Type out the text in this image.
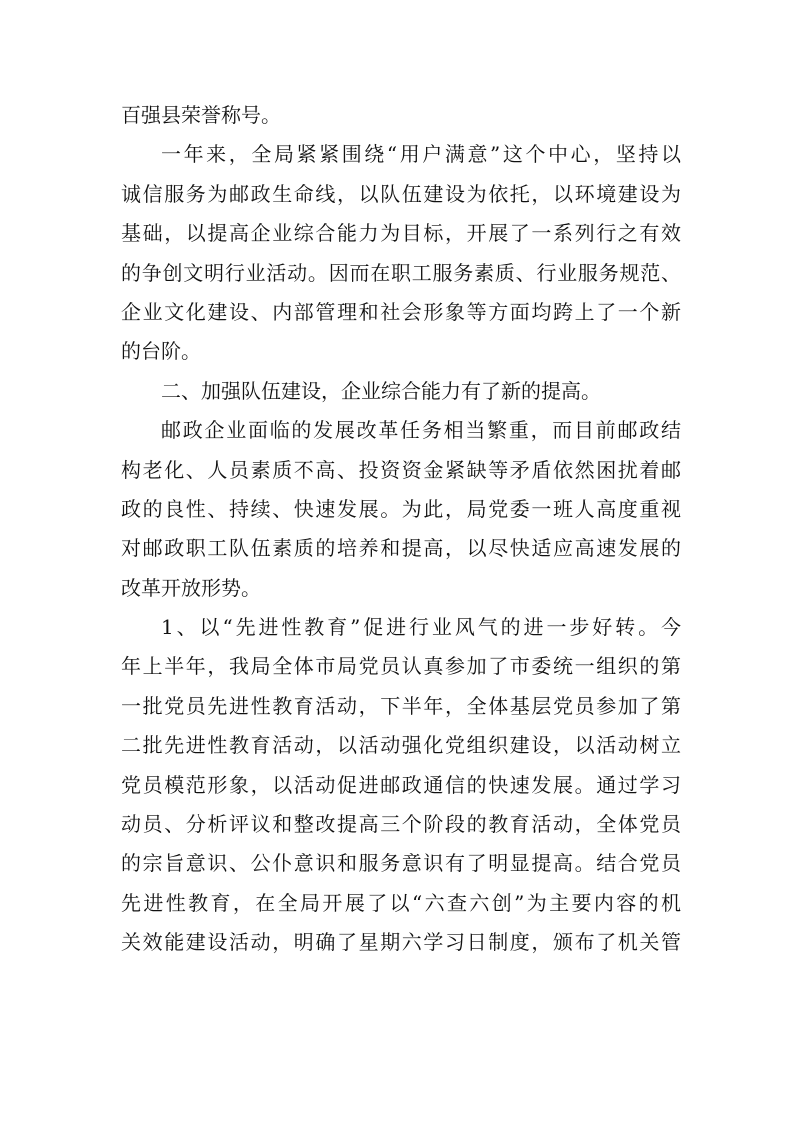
百强县荣誉称号。
一年来，全局紧紧围绕“用户满意”这个中心，坚持以
诚信服务为邮政生命线，以队伍建设为依托，以环境建设为
基础，以提高企业综合能力为目标，开展了一系列行之有效
的争创文明行业活动。因而在职工服务素质、行业服务规范、
企业文化建设、内部管理和社会形象等方面均跨上了一个新
的台阶。
二、加强队伍建设，企业综合能力有了新的提高。
邮政企业面临的发展改革任务相当繁重，而目前邮政结
构老化、人员素质不高、投资资金紧缺等矛盾依然困扰着邮
政的良性、持续、快速发展。为此，局党委一班人高度重视
对邮政职工队伍素质的培养和提高，以尽快适应高速发展的
改革开放形势。
1、以“先进性教育”促进行业风气的进一步好转。今
年上半年，我局全体市局党员认真参加了市委统一组织的第
一批党员先进性教育活动，下半年，全体基层党员参加了第
二批先进性教育活动，以活动强化党组织建设，以活动树立
党员模范形象，以活动促进邮政通信的快速发展。通过学习
动员、分析评议和整改提高三个阶段的教育活动，全体党员
的宗旨意识、公仆意识和服务意识有了明显提高。结合党员
先进性教育，在全局开展了以“六查六创”为主要内容的机
关效能建设活动，明确了星期六学习日制度，颁布了机关管
